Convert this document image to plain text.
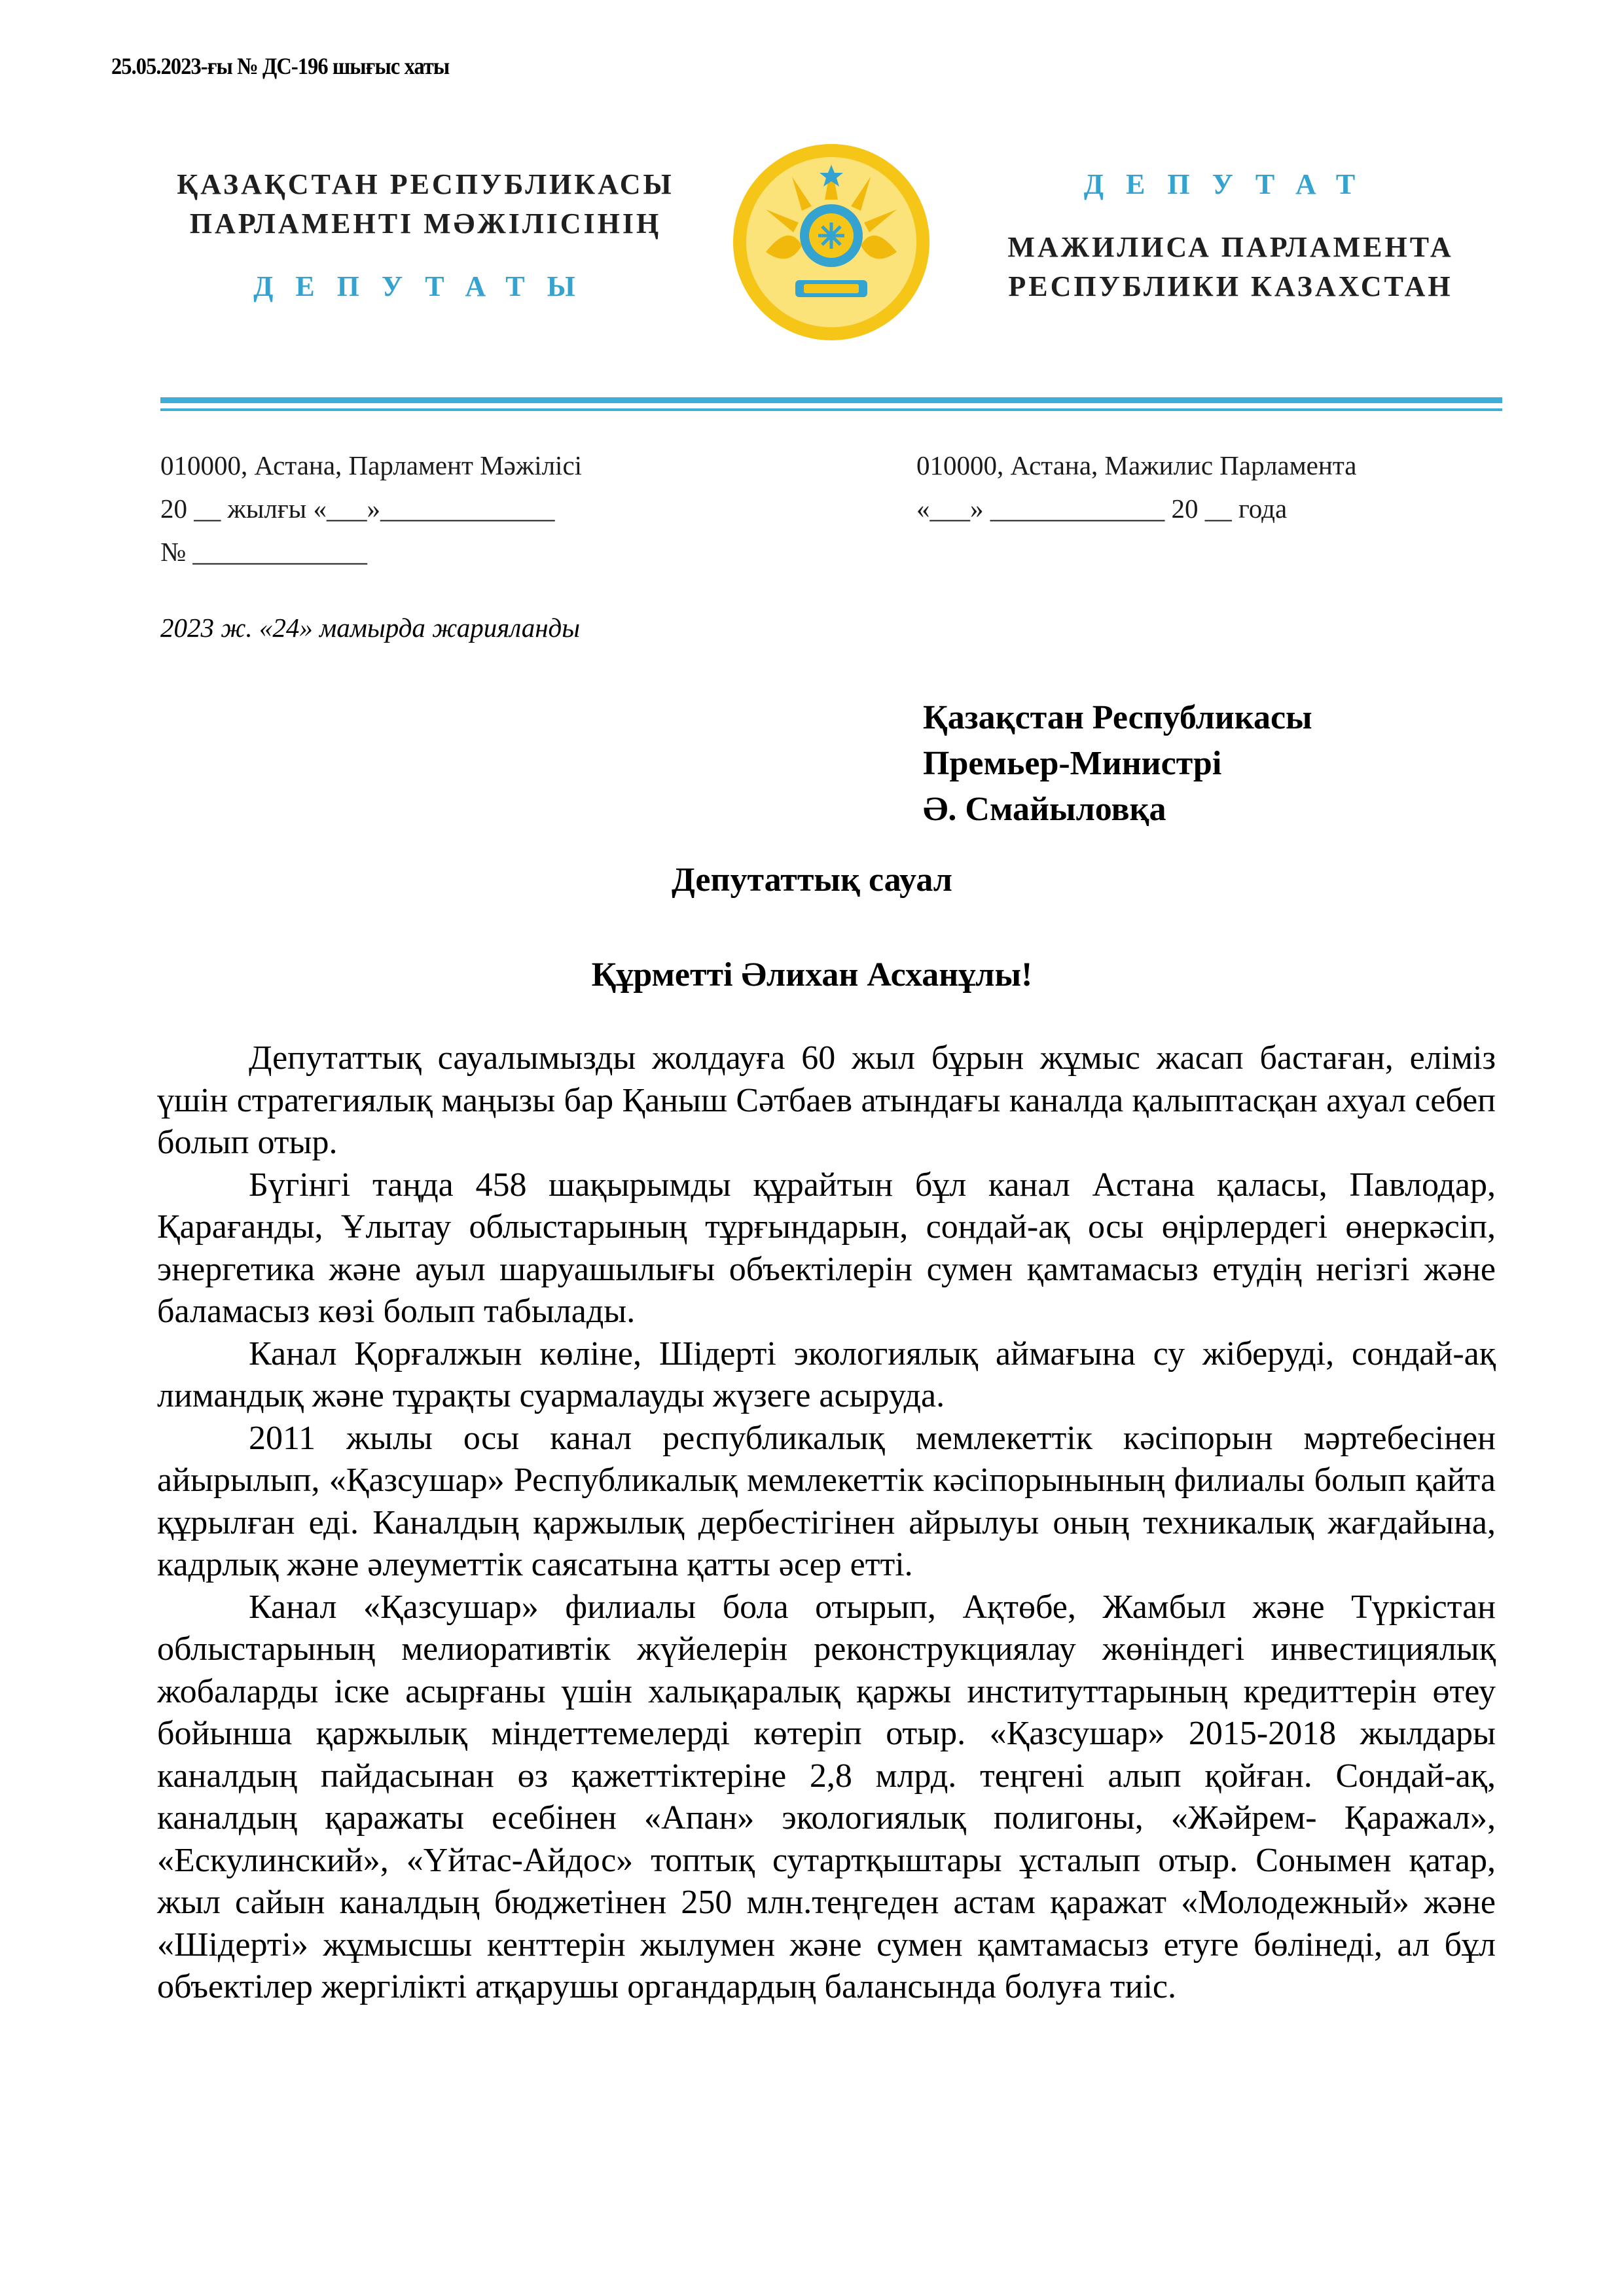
25.05.2023-ғы № ДС-196 шығыс хаты
ҚАЗАҚСТАН РЕСПУБЛИКАСЫ
ПАРЛАМЕНТІ МӘЖІЛІСІНІҢ
ДЕПУТАТЫ
ДЕПУТАТ
МАЖИЛИСА ПАРЛАМЕНТА
РЕСПУБЛИКИ КАЗАХСТАН
010000, Астана, Парламент Мәжілісі
20 __ жылғы «___»_____________
№ _____________
010000, Астана, Мажилис Парламента
«___» _____________ 20 __ года
2023 ж. «24» мамырда жарияланды
Қазақстан Республикасы
Премьер-Министрі
Ә. Смайыловқа
Депутаттық сауал
Құрметті Әлихан Асханұлы!

Депутаттық сауалымызды жолдауға 60 жыл бұрын жұмыс жасап бастаған, еліміз үшін стратегиялық маңызы бар Қаныш Сәтбаев атындағы каналда қалыптасқан ахуал себеп болып отыр.

Бүгінгі таңда 458 шақырымды құрайтын бұл канал Астана қаласы, Павлодар, Қарағанды, Ұлытау облыстарының тұрғындарын, сондай-ақ осы өңірлердегі өнеркәсіп, энергетика және ауыл шаруашылығы объектілерін сумен қамтамасыз етудің негізгі және баламасыз көзі болып табылады.

Канал Қорғалжын көліне, Шідерті экологиялық аймағына су жіберуді, сондай-ақ лимандық және тұрақты суармалауды жүзеге асыруда.

2011 жылы осы канал республикалық мемлекеттік кәсіпорын мәртебесінен айырылып, «Қазсушар» Республикалық мемлекеттік кәсіпорынының филиалы болып қайта құрылған еді. Каналдың қаржылық дербестігінен айрылуы оның техникалық жағдайына, кадрлық және әлеуметтік саясатына қатты әсер етті.

Канал «Қазсушар» филиалы бола отырып, Ақтөбе, Жамбыл және Түркістан облыстарының мелиоративтік жүйелерін реконструкциялау жөніндегі инвестициялық жобаларды іске асырғаны үшін халықаралық қаржы институттарының кредиттерін өтеу бойынша қаржылық міндеттемелерді көтеріп отыр. «Қазсушар» 2015-2018 жылдары каналдың пайдасынан өз қажеттіктеріне 2,8 млрд. теңгені алып қойған. Сондай-ақ, каналдың қаражаты есебінен «Апан» экологиялық полигоны, «Жәйрем- Қаражал», «Ескулинский», «Үйтас-Айдос» топтық сутартқыштары ұсталып отыр. Сонымен қатар, жыл сайын каналдың бюджетінен 250 млн.теңгеден астам қаражат «Молодежный» және «Шідерті» жұмысшы кенттерін жылумен және сумен қамтамасыз етуге бөлінеді, ал бұл объектілер жергілікті атқарушы органдардың балансында болуға тиіс.
